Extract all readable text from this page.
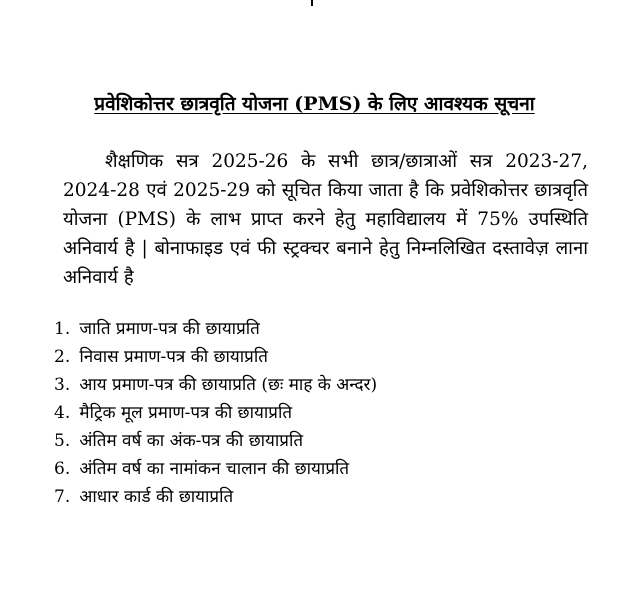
प्रवेशिकोत्तर छात्रवृति योजना (PMS) के लिए आवश्यक सूचना

शैक्षणिक सत्र 2025-26 के सभी छात्र/छात्राओं सत्र 2023-27, 2024-28 एवं 2025-29 को सूचित किया जाता है कि प्रवेशिकोत्तर छात्रवृति योजना (PMS) के लाभ प्राप्त करने हेतु महाविद्यालय में 75% उपस्थिति अनिवार्य है | बोनाफाइड एवं फी स्ट्रक्चर बनाने हेतु निम्नलिखित दस्तावेज़ लाना अनिवार्य है

1. जाति प्रमाण-पत्र की छायाप्रति
2. निवास प्रमाण-पत्र की छायाप्रति
3. आय प्रमाण-पत्र की छायाप्रति (छः माह के अन्दर)
4. मैट्रिक मूल प्रमाण-पत्र की छायाप्रति
5. अंतिम वर्ष का अंक-पत्र की छायाप्रति
6. अंतिम वर्ष का नामांकन चालान की छायाप्रति
7. आधार कार्ड की छायाप्रति
